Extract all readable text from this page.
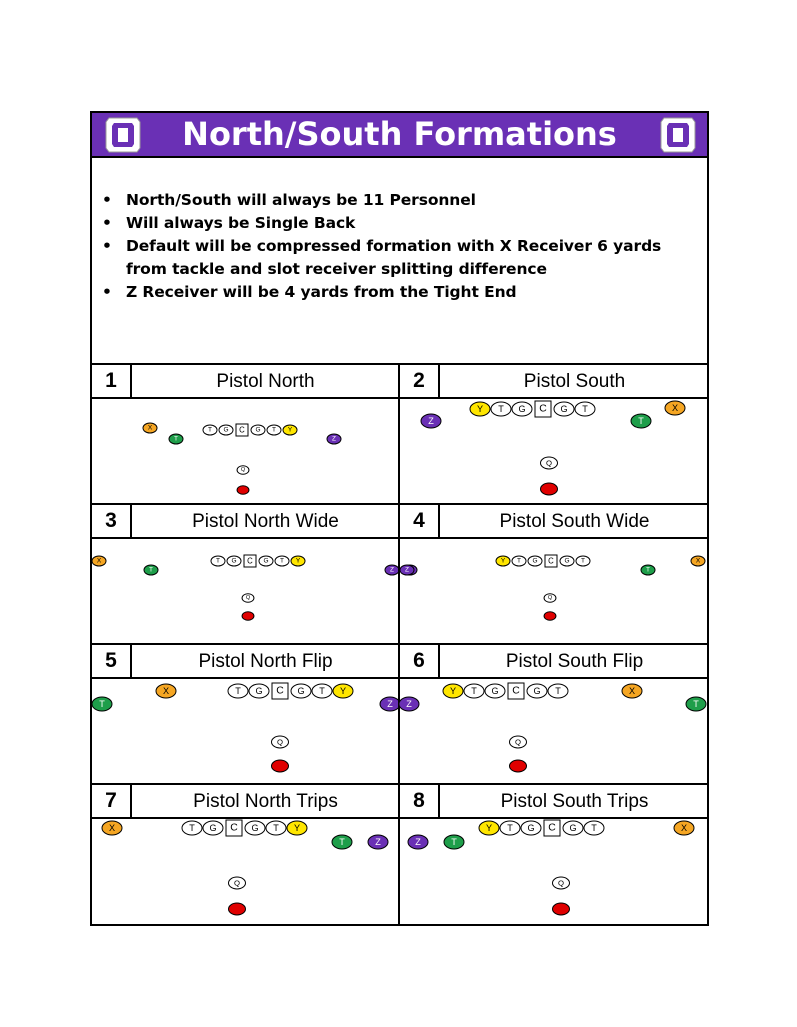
North/South Formations
• North/South will always be 11 Personnel
• Will always be Single Back
• Default will be compressed formation with X Receiver 6 yards from tackle and slot receiver splitting difference
• Z Receiver will be 4 yards from the Tight End
1	Pistol North
T G C G T Y
X
T	Z
Q
R
2	Pistol South
Y T G C G T
Z	T
X
Q
R
3	Pistol North Wide
T G C G T Y
X
T	Z
Q
R
4	Pistol South Wide
Y T G C G T
Z	T
X
Q
R
5	Pistol North Flip
T G C G T Y
T
X
Z
Q
R
6	Pistol South Flip
Y T G C G T
Z
X
T
Q
R
7	Pistol North Trips
T G C G T Y
X
T	Z
Q
R
8	Pistol South Trips
Y T G C G T
Z	T
X
Q
R
